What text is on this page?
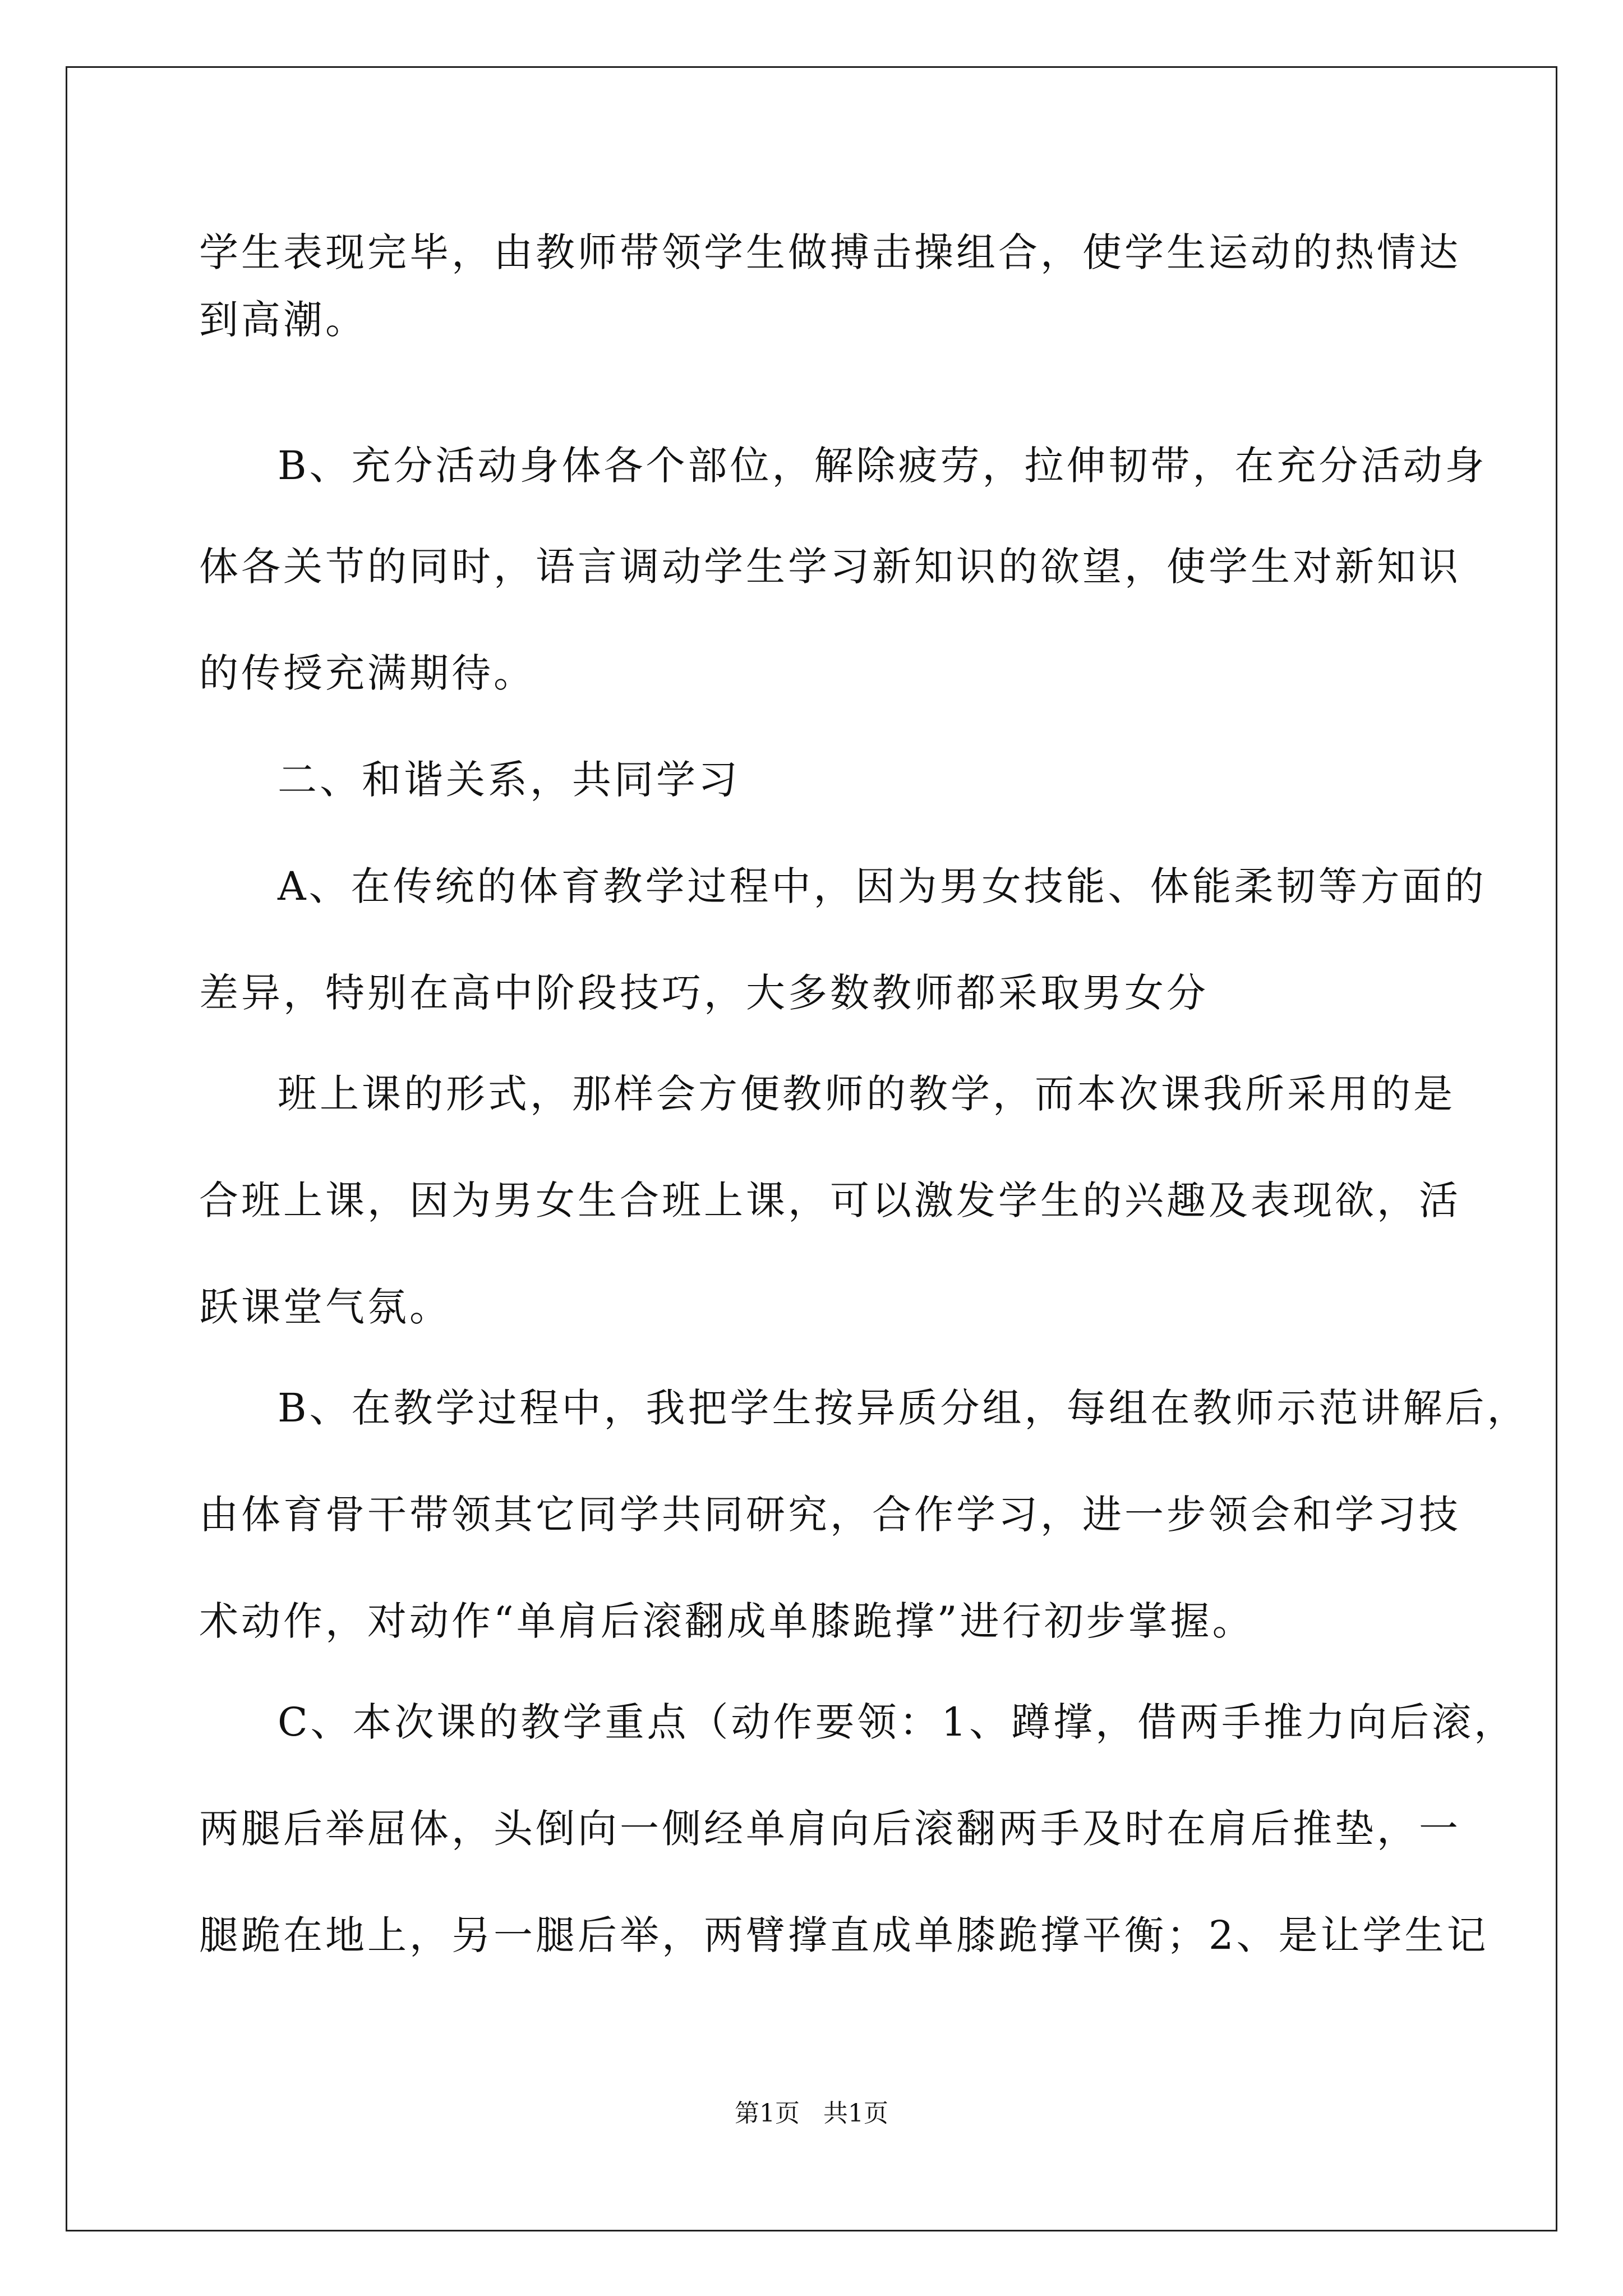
学生表现完毕，由教师带领学生做搏击操组合，使学生运动的热情达

到高潮。

B、充分活动身体各个部位，解除疲劳，拉伸韧带，在充分活动身

体各关节的同时，语言调动学生学习新知识的欲望，使学生对新知识

的传授充满期待。

二、和谐关系，共同学习

A、在传统的体育教学过程中，因为男女技能、体能柔韧等方面的

差异，特别在高中阶段技巧，大多数教师都采取男女分

班上课的形式，那样会方便教师的教学，而本次课我所采用的是

合班上课，因为男女生合班上课，可以激发学生的兴趣及表现欲，活

跃课堂气氛。

B、在教学过程中，我把学生按异质分组，每组在教师示范讲解后，

由体育骨干带领其它同学共同研究，合作学习，进一步领会和学习技

术动作，对动作“单肩后滚翻成单膝跪撑”进行初步掌握。

C、本次课的教学重点（动作要领：1、蹲撑，借两手推力向后滚，

两腿后举屈体，头倒向一侧经单肩向后滚翻两手及时在肩后推垫，一

腿跪在地上，另一腿后举，两臂撑直成单膝跪撑平衡；2、是让学生记

第1页   共1页
